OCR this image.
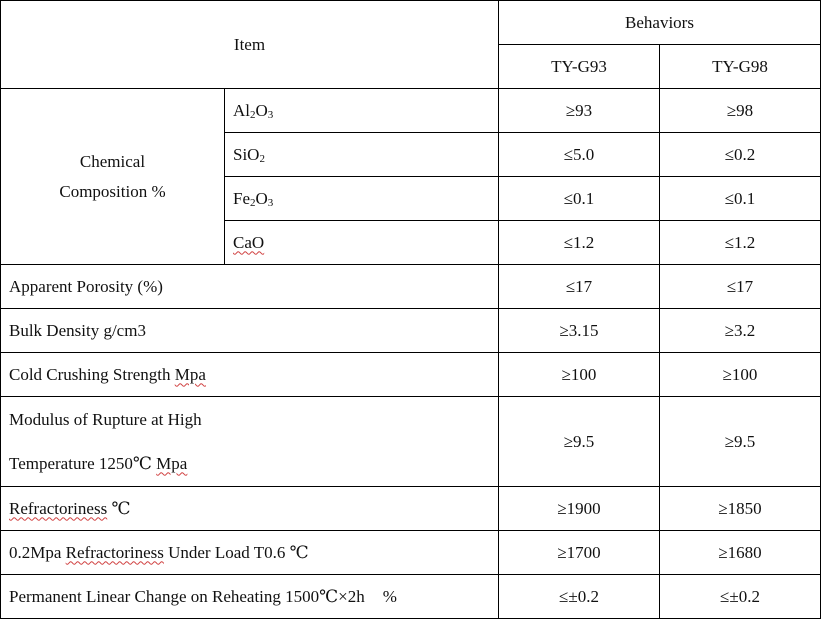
Item		Behaviors	
		TY-G93	TY-G98

Chemical
Composition %	$Al_2O_3$	≥93	≥98
	SiO$_2$	≤5.0	≤0.2
	$Fe_2O_3$	≤0.1	≤0.1
	CaO	≤1.2	≤1.2
Apparent Porosity (%)		≤17	≤17
Bulk Density g/cm3		≥3.15	≥3.2
Cold Crushing Strength Mpa		≥100	≥100

Modulus of Rupture at High
Temperature 1250℃ Mpa		≥9.5	≥9.5
Refractoriness ℃		≥1900	≥1850
0.2Mpa Refractoriness Under Load T0.6 ℃		≥1700	≥1680
Permanent Linear Change on Reheating 1500℃×2h %		≤±0.2	≤±0.2
